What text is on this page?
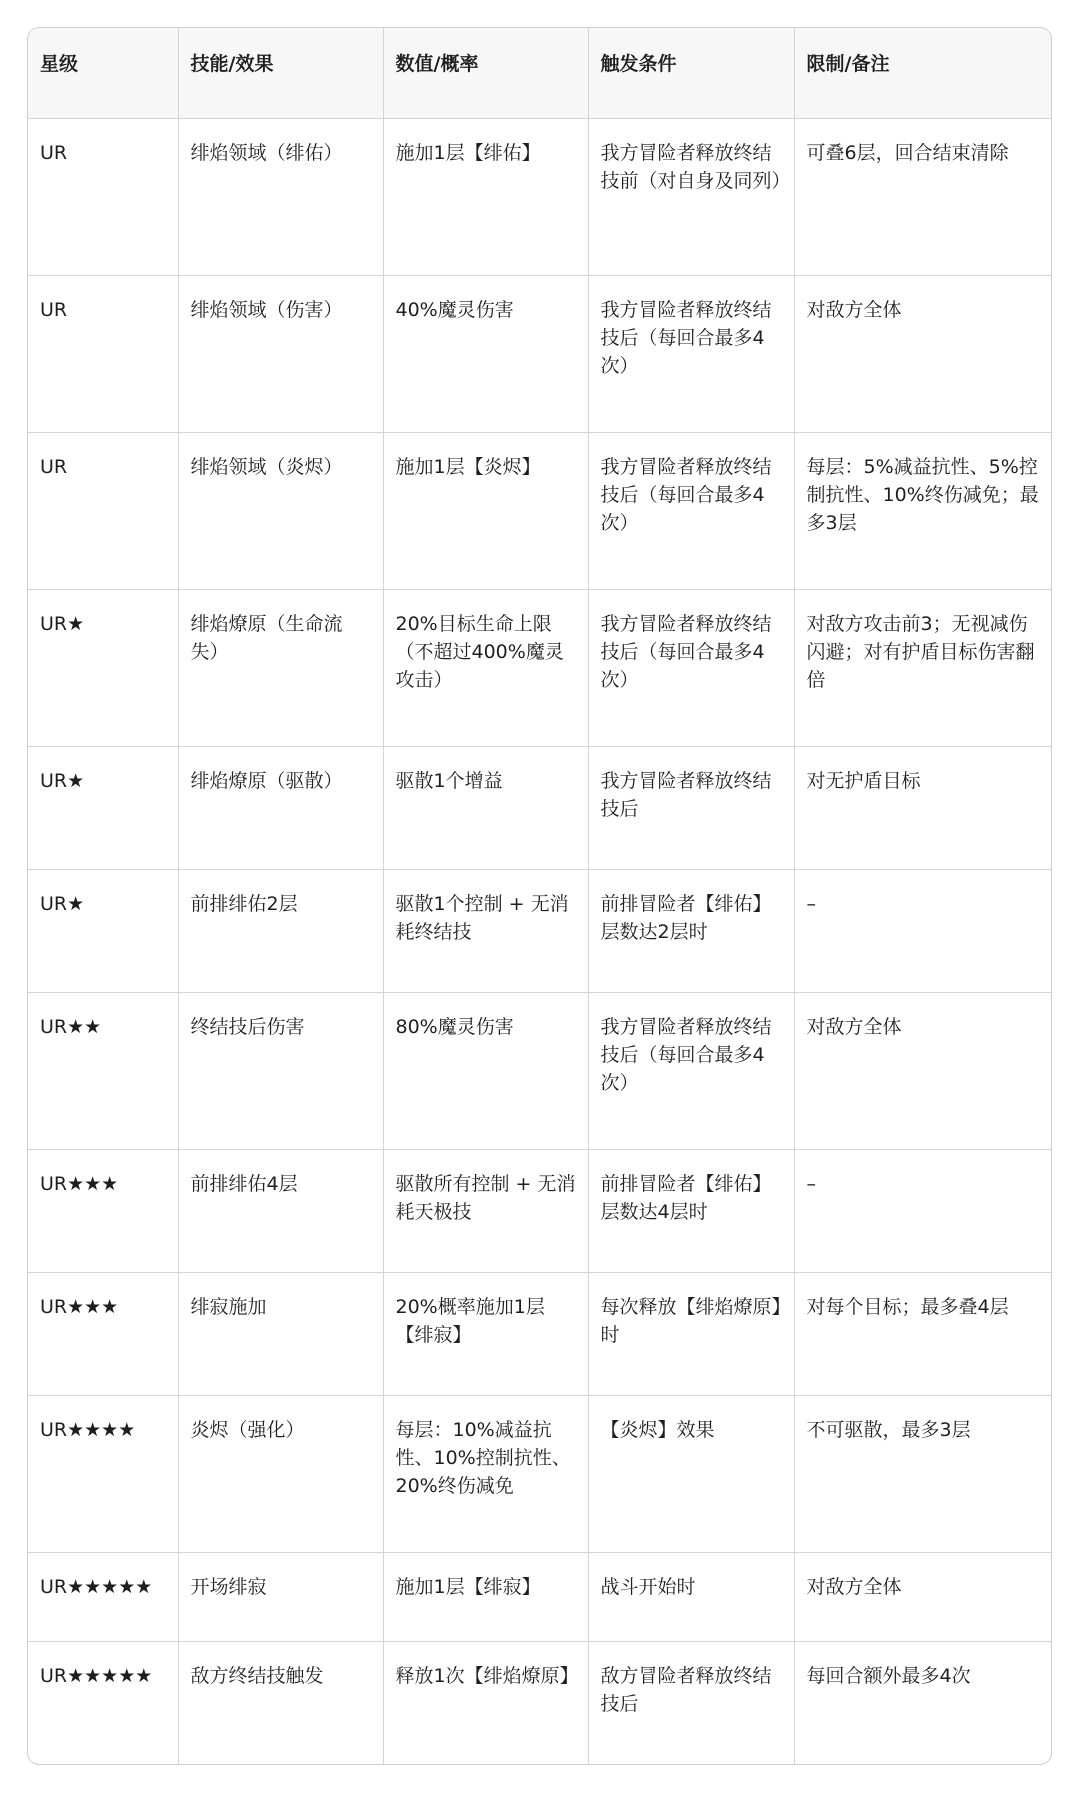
星级	技能/效果	数值/概率	触发条件	限制/备注
UR	绯焰领域（绯佑）	施加1层【绯佑】	我方冒险者释放终结技前（对自身及同列）	可叠6层，回合结束清除
UR	绯焰领域（伤害）	40%魔灵伤害	我方冒险者释放终结技后（每回合最多4次）	对敌方全体
UR	绯焰领域（炎烬）	施加1层【炎烬】	我方冒险者释放终结技后（每回合最多4次）	每层：5%减益抗性、5%控制抗性、10%终伤减免；最多3层
UR★	绯焰燎原（生命流失）	20%目标生命上限（不超过400%魔灵攻击）	我方冒险者释放终结技后（每回合最多4次）	对敌方攻击前3；无视减伤闪避；对有护盾目标伤害翻倍
UR★	绯焰燎原（驱散）	驱散1个增益	我方冒险者释放终结技后	对无护盾目标
UR★	前排绯佑2层	驱散1个控制 + 无消耗终结技	前排冒险者【绯佑】层数达2层时	–
UR★★	终结技后伤害	80%魔灵伤害	我方冒险者释放终结技后（每回合最多4次）	对敌方全体
UR★★★	前排绯佑4层	驱散所有控制 + 无消耗天极技	前排冒险者【绯佑】层数达4层时	–
UR★★★	绯寂施加	20%概率施加1层【绯寂】	每次释放【绯焰燎原】时	对每个目标；最多叠4层
UR★★★★	炎烬（强化）	每层：10%减益抗性、10%控制抗性、20%终伤减免	【炎烬】效果	不可驱散，最多3层
UR★★★★★	开场绯寂	施加1层【绯寂】	战斗开始时	对敌方全体
UR★★★★★	敌方终结技触发	释放1次【绯焰燎原】	敌方冒险者释放终结技后	每回合额外最多4次
